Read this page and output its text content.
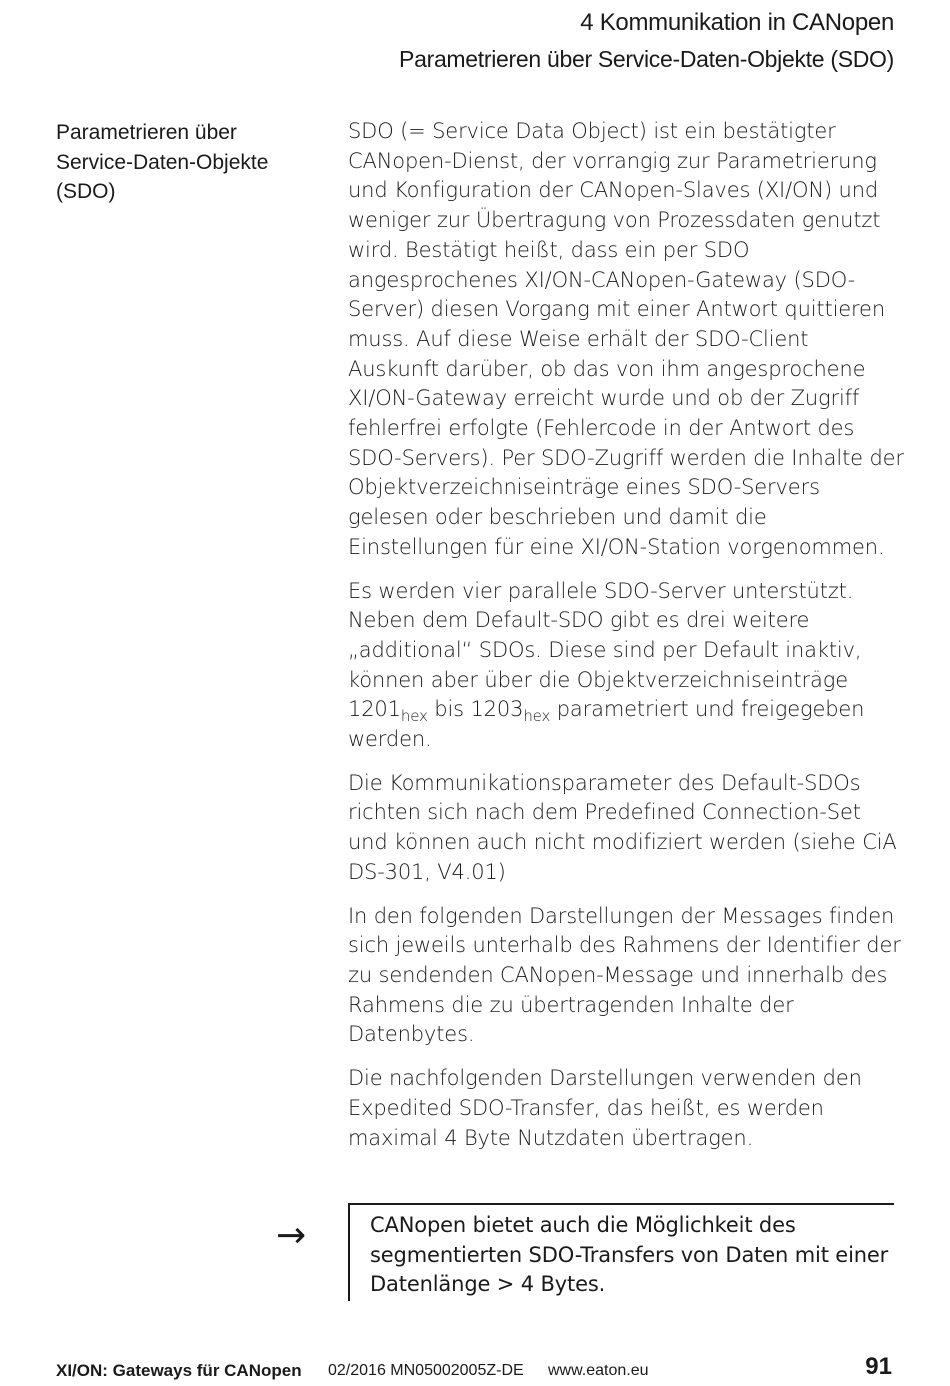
4 Kommunikation in CANopen
Parametrieren über Service-Daten-Objekte (SDO)
Parametrieren über
Service-Daten-Objekte
(SDO)

SDO (= Service Data Object) ist ein bestätigter CANopen-Dienst, der vorrangig zur Parametrierung und Konfiguration der CANopen-Slaves (XI/ON) und weniger zur Übertragung von Prozessdaten genutzt wird. Bestätigt heißt, dass ein per SDO angesprochenes XI/ON-CANopen-Gateway (SDO-Server) diesen Vorgang mit einer Antwort quittieren muss. Auf diese Weise erhält der SDO-Client Auskunft darüber, ob das von ihm angesprochene XI/ON-Gateway erreicht wurde und ob der Zugriff fehlerfrei erfolgte (Fehlercode in der Antwort des SDO-Servers). Per SDO-Zugriff werden die Inhalte der Objektverzeichniseinträge eines SDO-Servers gelesen oder beschrieben und damit die Einstellungen für eine XI/ON-Station vorgenommen.

Es werden vier parallele SDO-Server unterstützt. Neben dem Default-SDO gibt es drei weitere „additional“ SDOs. Diese sind per Default inaktiv, können aber über die Objektverzeichniseinträge $1201_{hex}$ bis $1203_{hex}$ parametriert und freigegeben werden.

Die Kommunikationsparameter des Default-SDOs richten sich nach dem Predefined Connection-Set und können auch nicht modifiziert werden (siehe CiA DS-301, V4.01)

In den folgenden Darstellungen der Messages finden sich jeweils unterhalb des Rahmens der Identifier der zu sendenden CANopen-Message und innerhalb des Rahmens die zu übertragenden Inhalte der Datenbytes.

Die nachfolgenden Darstellungen verwenden den Expedited SDO-Transfer, das heißt, es werden maximal 4 Byte Nutzdaten übertragen.

→	CANopen bietet auch die Möglichkeit des segmentierten SDO-Transfers von Daten mit einer Datenlänge > 4 Bytes.
XI/ON: Gateways für CANopen 02/2016 MN05002005Z-DE www.eaton.eu	91
